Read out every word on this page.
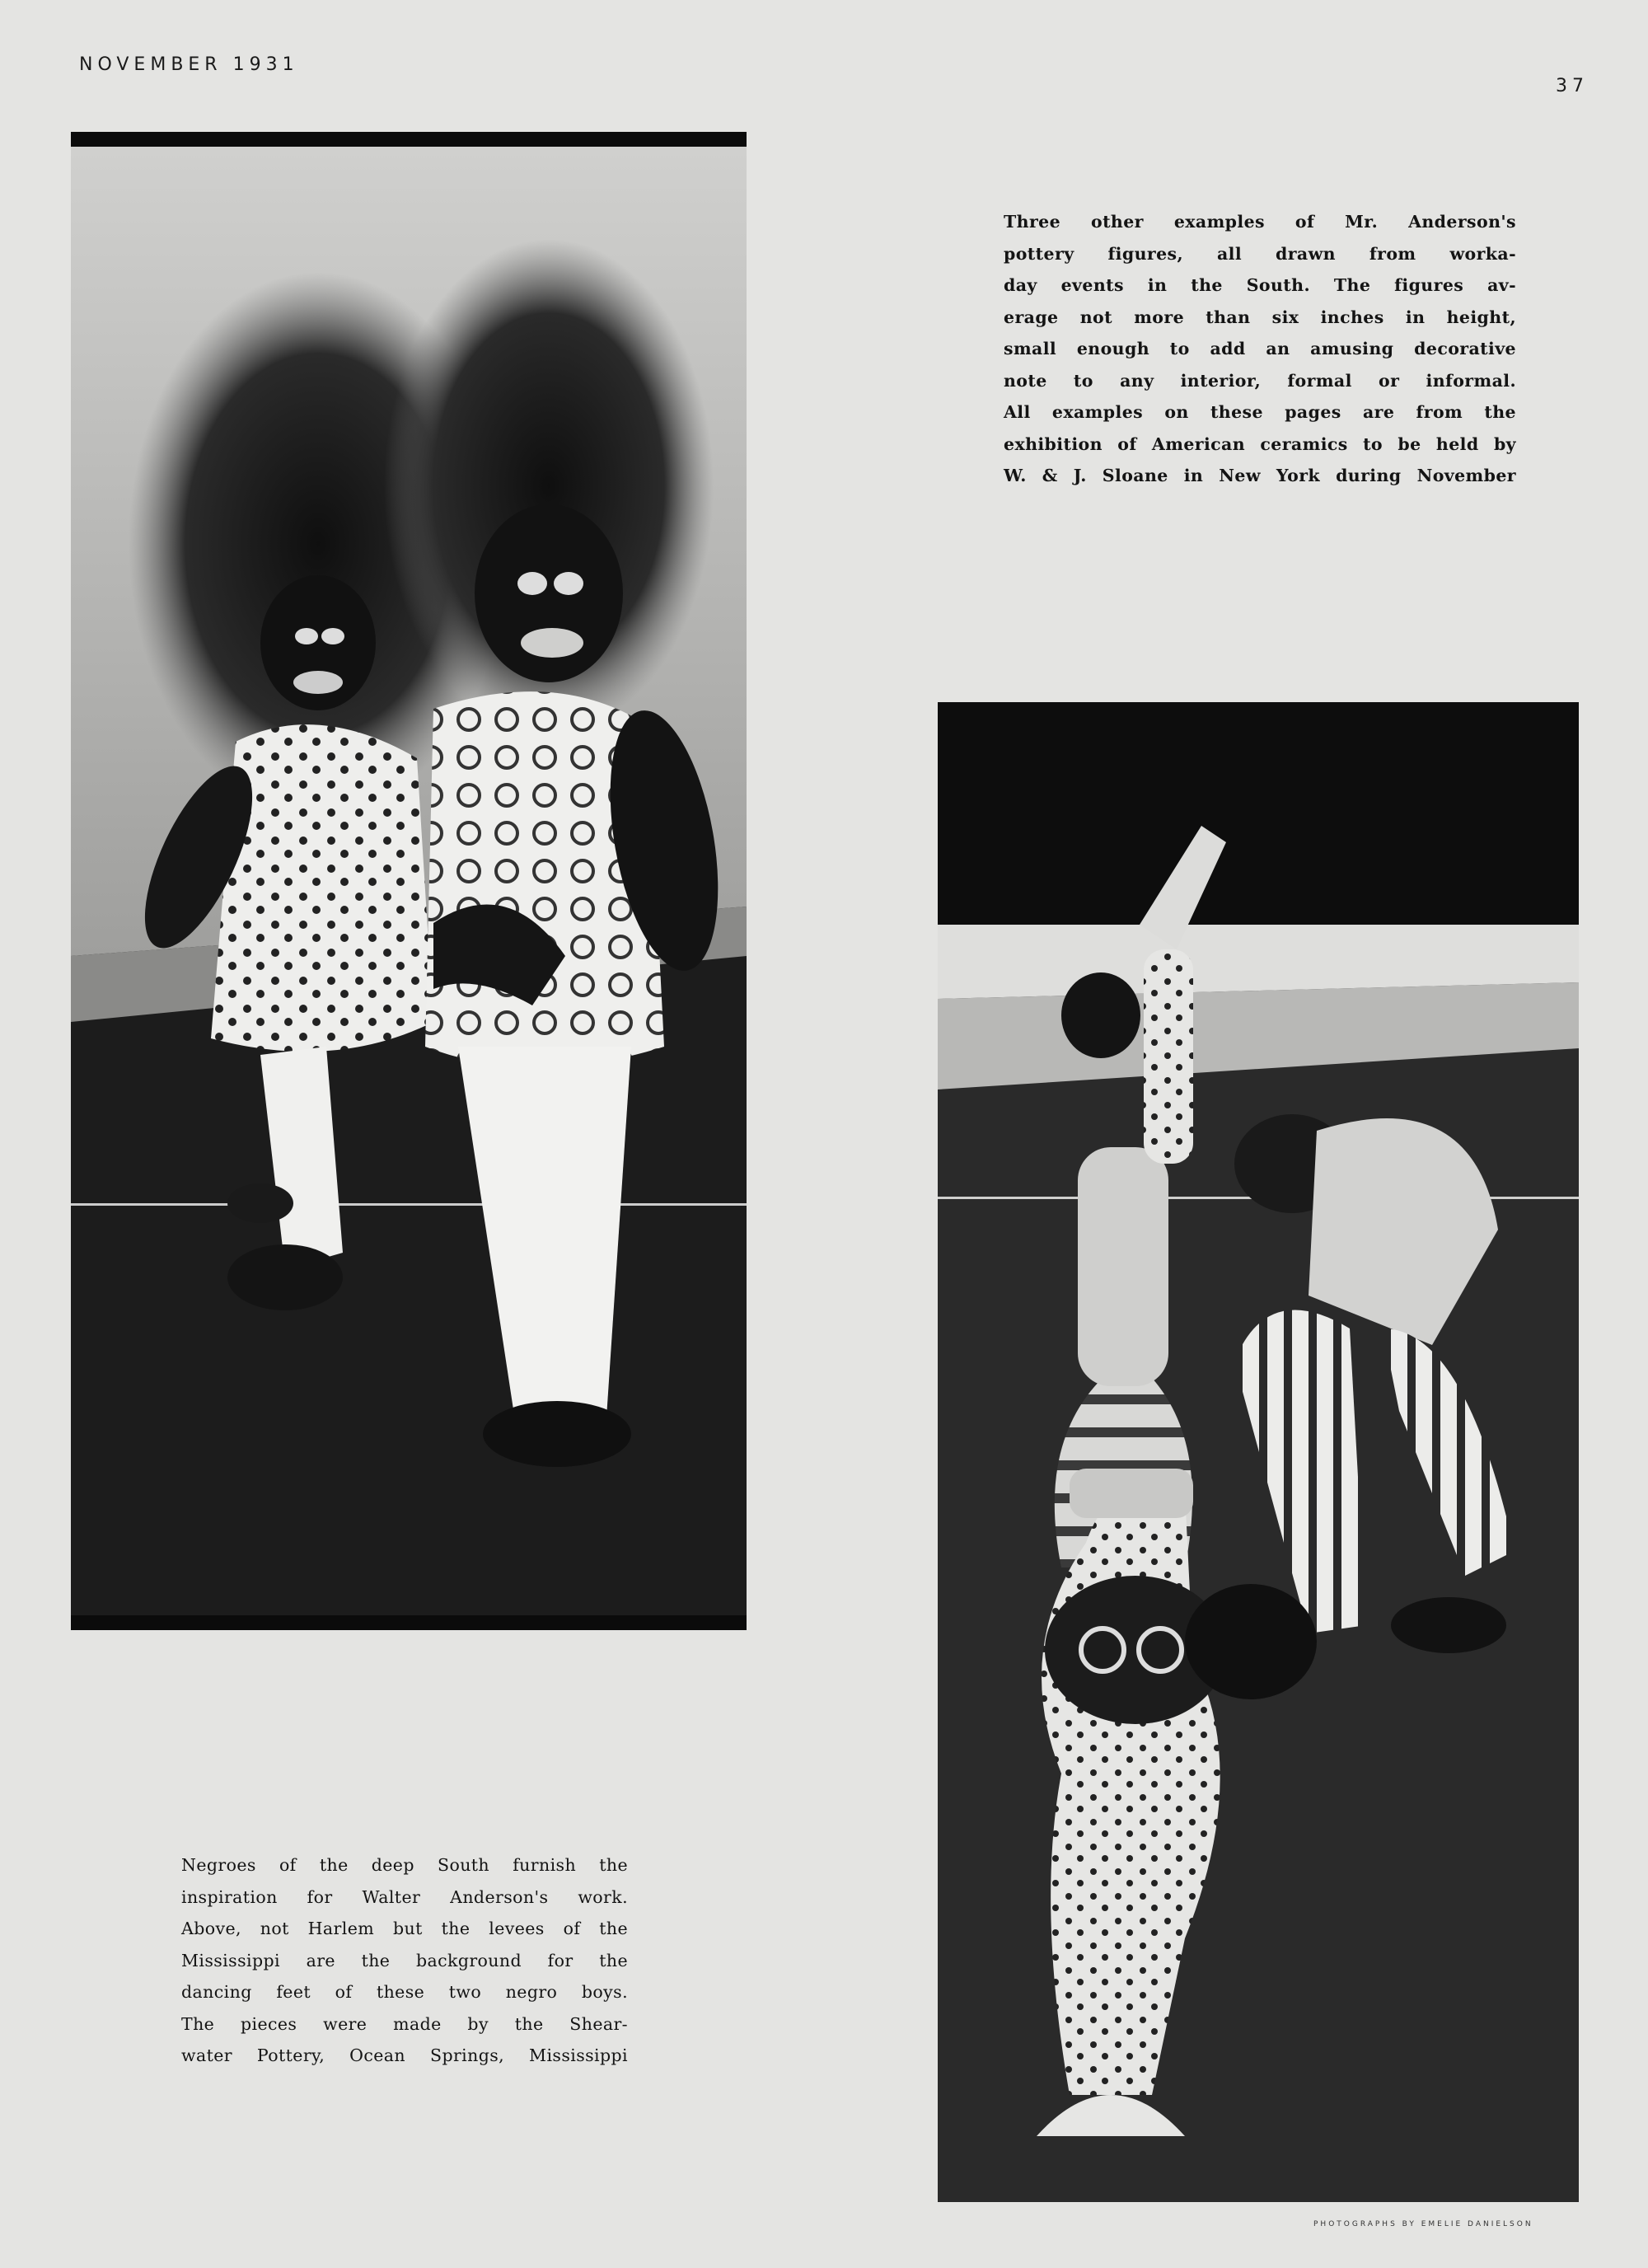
NOVEMBER 1931
37
Three other examples of Mr. Anderson's
pottery figures, all drawn from worka-
day events in the South. The figures av-
erage not more than six inches in height,
small enough to add an amusing decorative
note to any interior, formal or informal.
All examples on these pages are from the
exhibition of American ceramics to be held by
W. & J. Sloane in New York during November
Negroes of the deep South furnish the
inspiration for Walter Anderson's work.
Above, not Harlem but the levees of the
Mississippi are the background for the
dancing feet of these two negro boys.
The pieces were made by the Shear-
water Pottery, Ocean Springs, Mississippi
PHOTOGRAPHS BY EMELIE DANIELSON
